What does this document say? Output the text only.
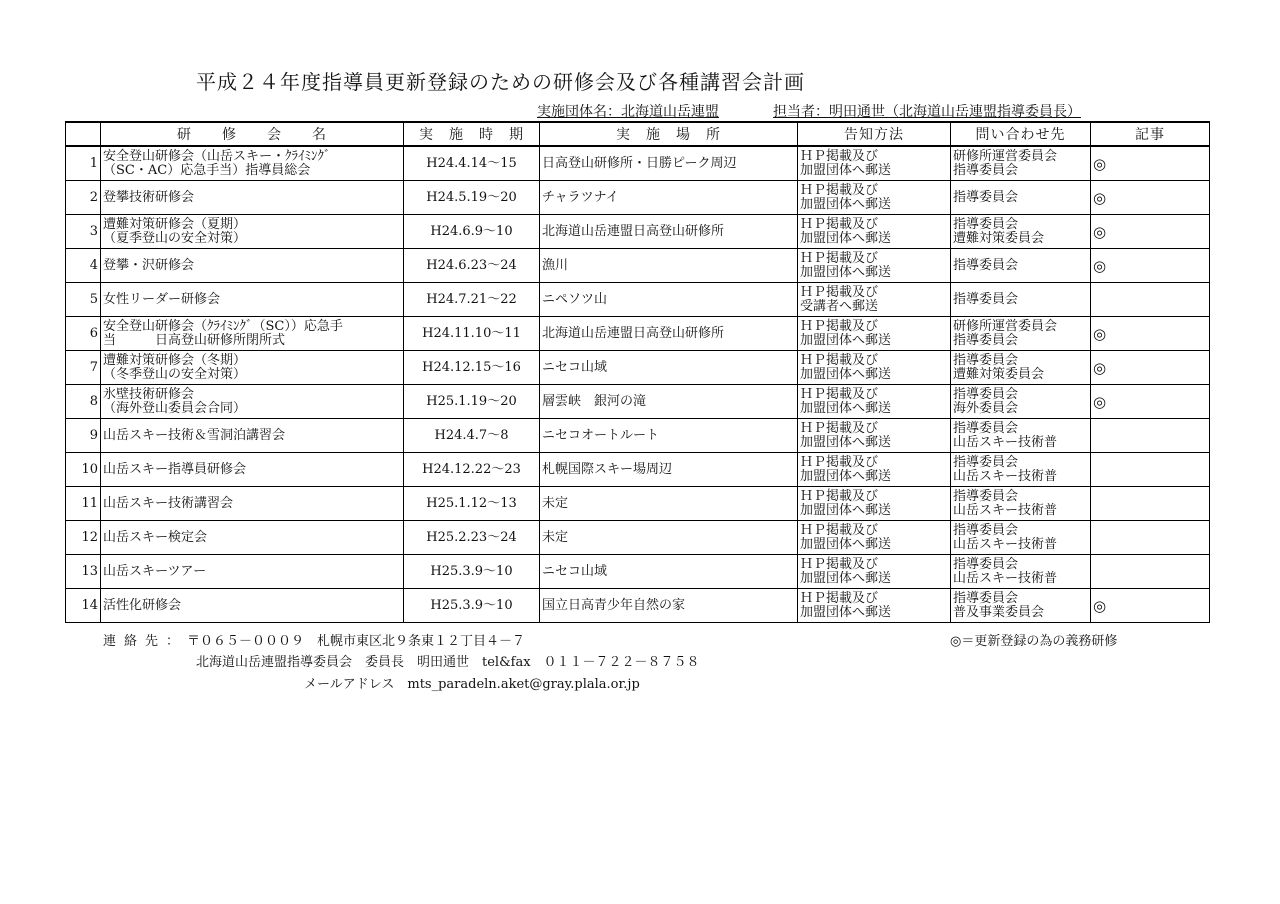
平成２４年度指導員更新登録のための研修会及び各種講習会計画
実施団体名：北海道山岳連盟	担当者：明田通世（北海道山岳連盟指導委員長）
	研　　修　　会　　名	実　施　時　期	実　施　場　所	告知方法	問い合わせ先	記事
1	安全登山研修会（山岳スキー・ｸﾗｲﾐﾝｸﾞ
（SC・AC）応急手当）指導員総会	H24.4.14～15	日高登山研修所・日勝ピーク周辺	ＨＰ掲載及び
加盟団体へ郵送	研修所運営委員会
指導委員会	◎
2	登攀技術研修会	H24.5.19～20	チャラツナイ	ＨＰ掲載及び
加盟団体へ郵送	指導委員会	◎
3	遭難対策研修会（夏期）
（夏季登山の安全対策）	H24.6.9～10	北海道山岳連盟日高登山研修所	ＨＰ掲載及び
加盟団体へ郵送	指導委員会
遭難対策委員会	◎
4	登攀・沢研修会	H24.6.23～24	漁川	ＨＰ掲載及び
加盟団体へ郵送	指導委員会	◎
5	女性リーダー研修会	H24.7.21～22	ニペソツ山	ＨＰ掲載及び
受講者へ郵送	指導委員会	

6	安全登山研修会（ｸﾗｲﾐﾝｸﾞ（SC））応急手
当　　　日高登山研修所閉所式	H24.11.10～11	北海道山岳連盟日高登山研修所	ＨＰ掲載及び
加盟団体へ郵送	研修所運営委員会
指導委員会	◎
7	遭難対策研修会（冬期）
（冬季登山の安全対策）	H24.12.15～16	ニセコ山域	ＨＰ掲載及び
加盟団体へ郵送	指導委員会
遭難対策委員会	◎
8	氷壁技術研修会
（海外登山委員会合同）	H25.1.19～20	層雲峡　銀河の滝	ＨＰ掲載及び
加盟団体へ郵送	指導委員会
海外委員会	◎
9	山岳スキー技術＆雪洞泊講習会	H24.4.7～8	ニセコオートルート	ＨＰ掲載及び
加盟団体へ郵送	指導委員会
山岳スキー技術普	

10	山岳スキー指導員研修会	H24.12.22～23	札幌国際スキー場周辺	ＨＰ掲載及び
加盟団体へ郵送	指導委員会
山岳スキー技術普	

11	山岳スキー技術講習会	H25.1.12～13	未定	ＨＰ掲載及び
加盟団体へ郵送	指導委員会
山岳スキー技術普	

12	山岳スキー検定会	H25.2.23～24	未定	ＨＰ掲載及び
加盟団体へ郵送	指導委員会
山岳スキー技術普	

13	山岳スキーツアー	H25.3.9～10	ニセコ山域	ＨＰ掲載及び
加盟団体へ郵送	指導委員会
山岳スキー技術普	

14	活性化研修会	H25.3.9～10	国立日高青少年自然の家	ＨＰ掲載及び
加盟団体へ郵送	指導委員会
普及事業委員会	◎
連絡先：〒０６５－０００９　札幌市東区北９条東１２丁目４－７	◎＝更新登録の為の義務研修
北海道山岳連盟指導委員会　委員長　明田通世　tel&fax　０１１－７２２－８７５８
メールアドレス　 mts_paradeln.aket@gray.plala.or.jp
